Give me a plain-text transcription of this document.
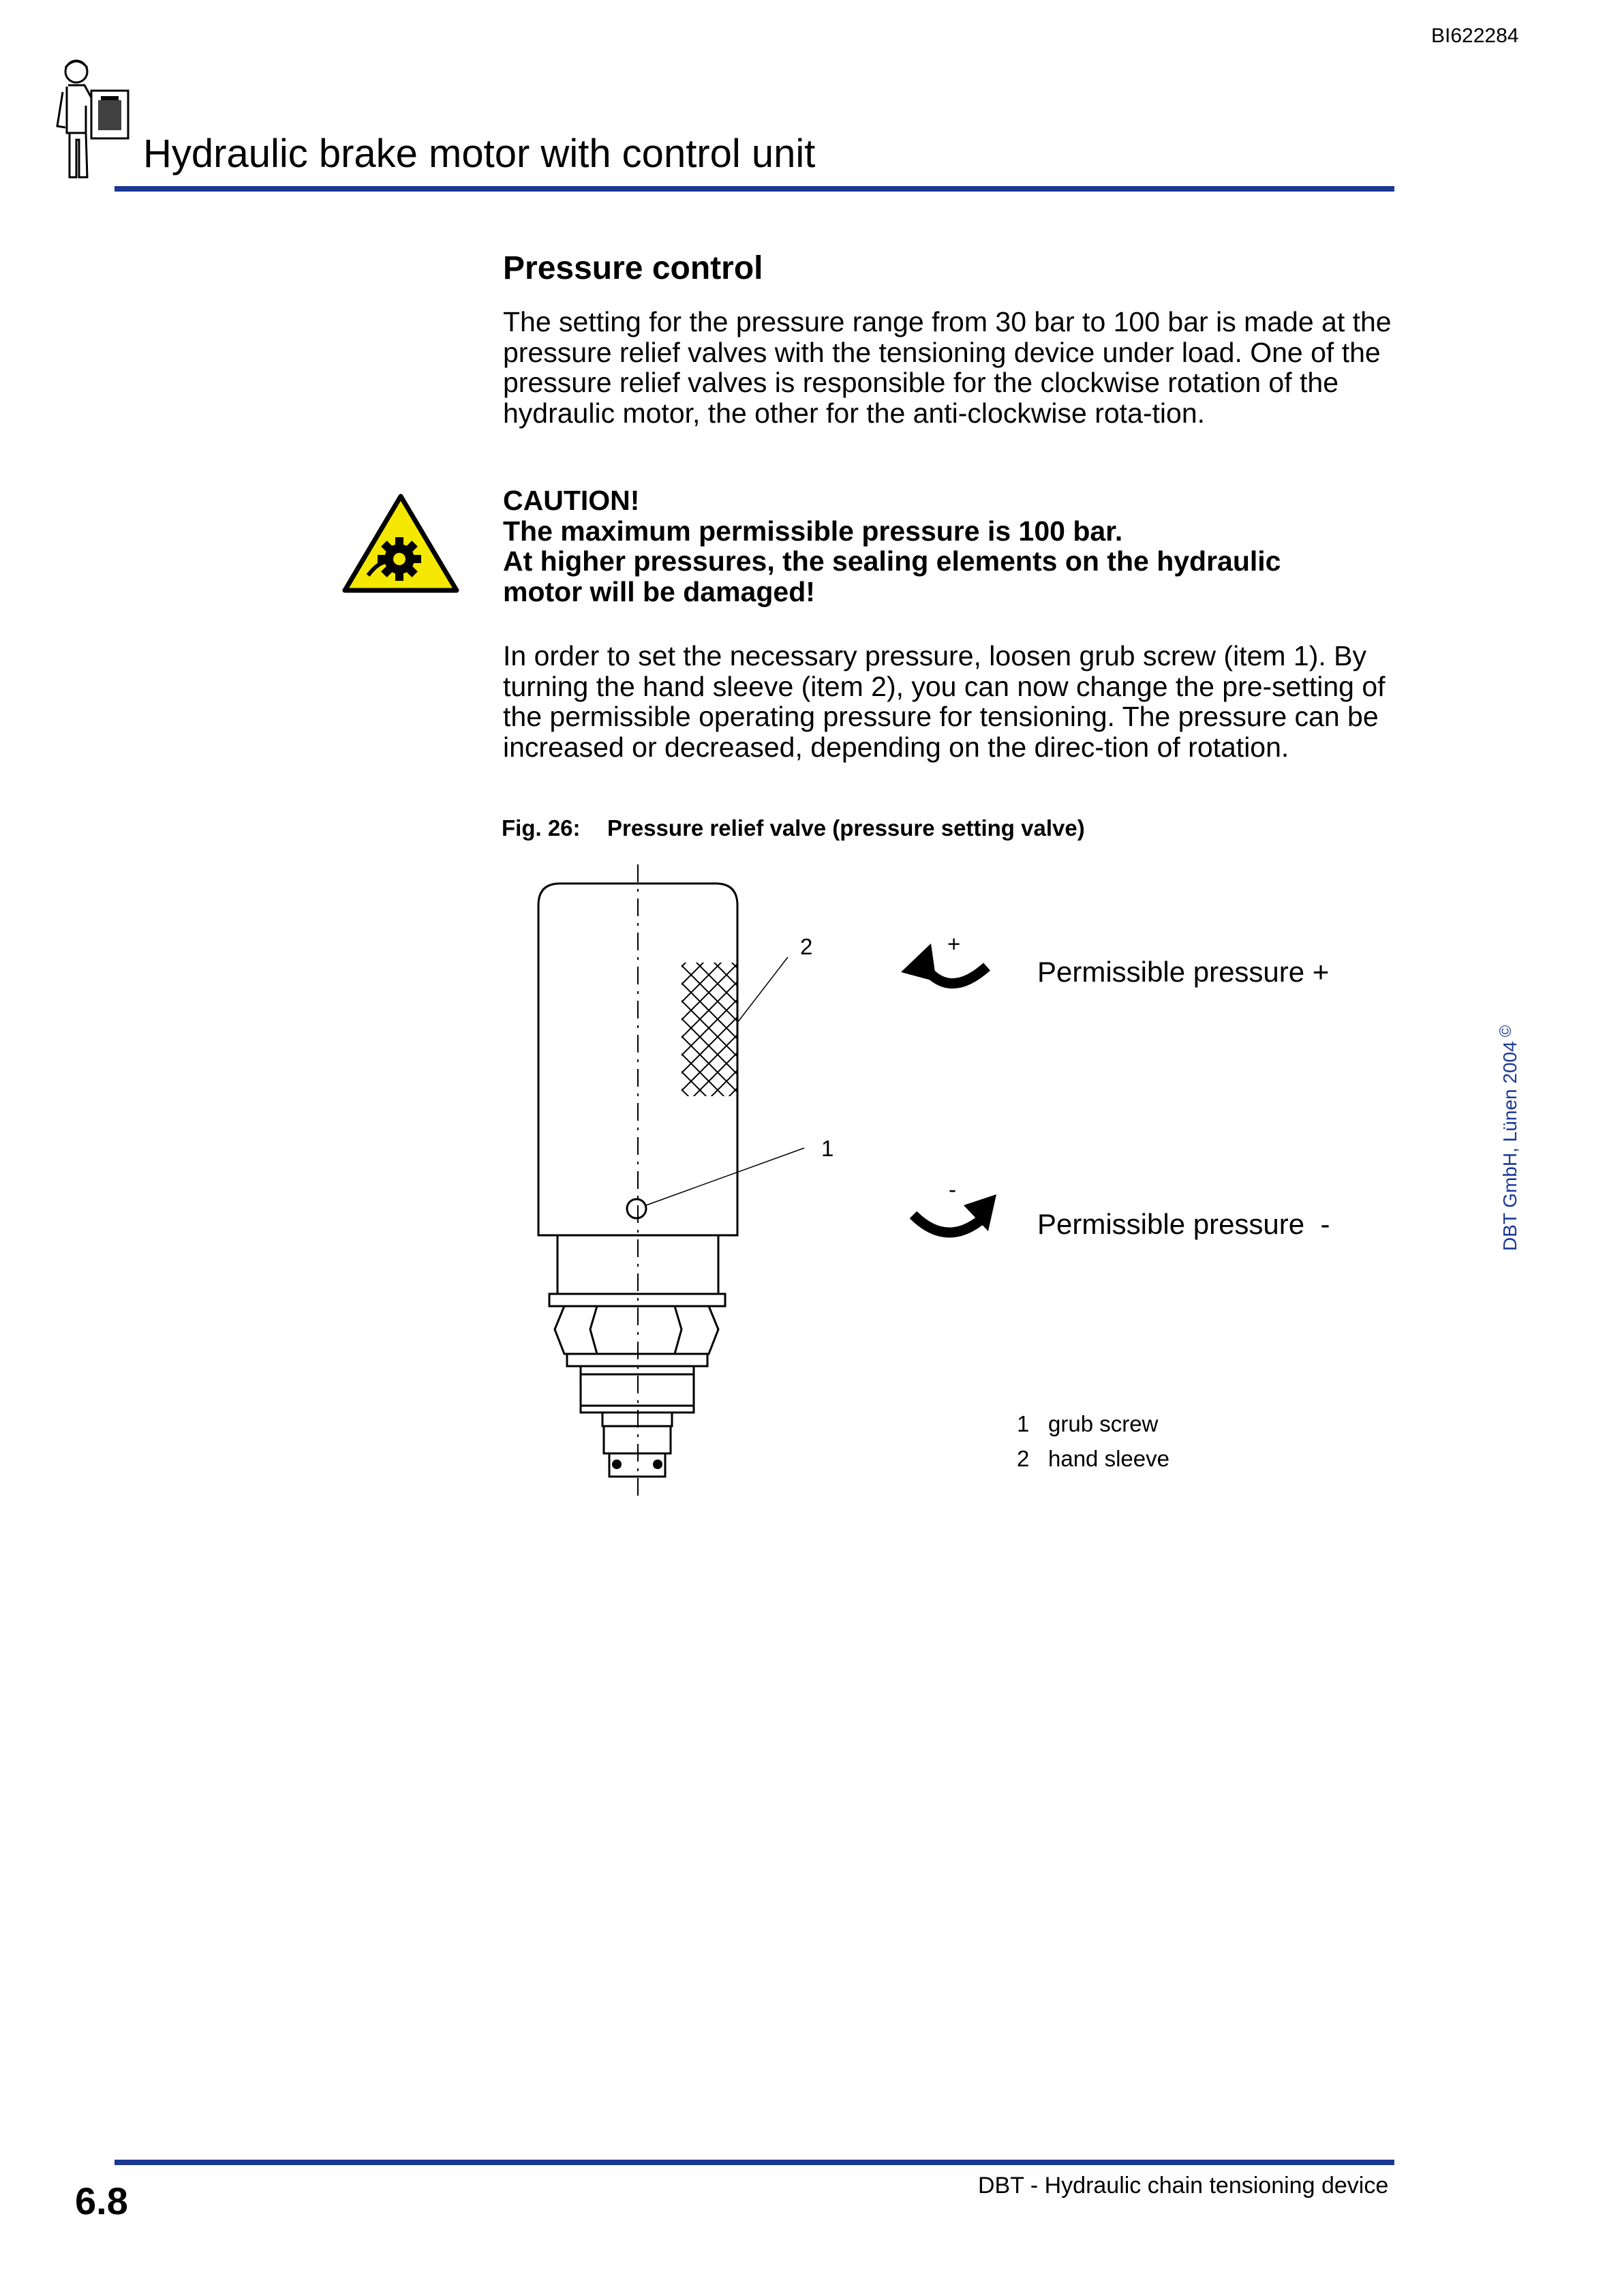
BI622284
Hydraulic brake motor with control unit
Pressure control

The setting for the pressure range from 30 bar to 100 bar is made at the pressure relief valves with the tensioning device under load. One of the pressure relief valves is responsible for the clockwise rotation of the hydraulic motor, the other for the anti-clockwise rota-tion.

CAUTION!
The maximum permissible pressure is 100 bar.
At higher pressures, the sealing elements on the hydraulic motor will be damaged!

In order to set the necessary pressure, loosen grub screw (item 1). By turning the hand sleeve (item 2), you can now change the pre-setting of the permissible operating pressure for tensioning. The pressure can be increased or decreased, depending on the direc-tion of rotation.

Fig. 26: Pressure relief valve (pressure setting valve)
2
1
+
-
Permissible pressure +
Permissible pressure  -
1 grub screw
2 hand sleeve
DBT GmbH, Lünen 2004©
6.8	DBT - Hydraulic chain tensioning device
